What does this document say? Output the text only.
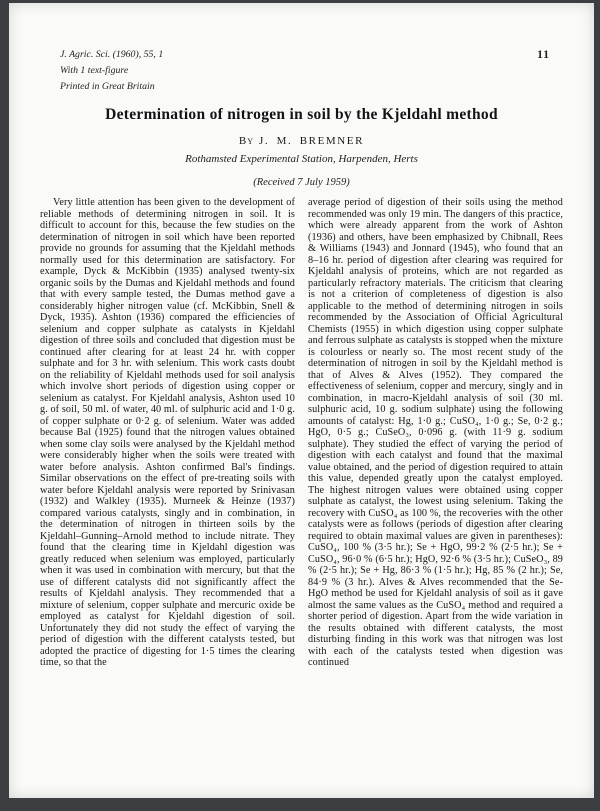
J. Agric. Sci. (1960), 55, 1
With 1 text-figure
Printed in Great Britain
11
Determination of nitrogen in soil by the Kjeldahl method
By J. M. BREMNER
Rothamsted Experimental Station, Harpenden, Herts
(Received 7 July 1959)
Very little attention has been given to the development of reliable methods of determining nitrogen in soil. It is difficult to account for this, because the few studies on the determination of nitrogen in soil which have been reported provide no grounds for assuming that the Kjeldahl methods normally used for this determination are satisfactory. For example, Dyck & McKibbin (1935) analysed twenty-six organic soils by the Dumas and Kjeldahl methods and found that with every sample tested, the Dumas method gave a considerably higher nitrogen value (cf. McKibbin, Snell & Dyck, 1935). Ashton (1936) compared the efficiencies of selenium and copper sulphate as catalysts in Kjeldahl digestion of three soils and concluded that digestion must be continued after clearing for at least 24 hr. with copper sulphate and for 3 hr. with selenium. This work casts doubt on the reliability of Kjeldahl methods used for soil analysis which involve short periods of digestion using copper or selenium as catalyst. For Kjeldahl analysis, Ashton used 10 g. of soil, 50 ml. of water, 40 ml. of sulphuric acid and 1·0 g. of copper sulphate or 0·2 g. of selenium. Water was added because Bal (1925) found that the nitrogen values obtained when some clay soils were analysed by the Kjeldahl method were considerably higher when the soils were treated with water before analysis. Ashton confirmed Bal's findings. Similar observations on the effect of pre-treating soils with water before Kjeldahl analysis were reported by Srinivasan (1932) and Walkley (1935). Murneek & Heinze (1937) compared various catalysts, singly and in combination, in the determination of nitrogen in thirteen soils by the Kjeldahl–Gunning–Arnold method to include nitrate. They found that the clearing time in Kjeldahl digestion was greatly reduced when selenium was employed, particularly when it was used in combination with mercury, but that the use of different catalysts did not significantly affect the results of Kjeldahl analysis. They recommended that a mixture of selenium, copper sulphate and mercuric oxide be employed as catalyst for Kjeldahl digestion of soil. Unfortunately they did not study the effect of varying the period of digestion with the different catalysts tested, but adopted the practice of digesting for 1·5 times the clearing time, so that the
average period of digestion of their soils using the method recommended was only 19 min. The dangers of this practice, which were already apparent from the work of Ashton (1936) and others, have been emphasized by Chibnall, Rees & Williams (1943) and Jonnard (1945), who found that an 8–16 hr. period of digestion after clearing was required for Kjeldahl analysis of proteins, which are not regarded as particularly refractory materials. The criticism that clearing is not a criterion of completeness of digestion is also applicable to the method of determining nitrogen in soils recommended by the Association of Official Agricultural Chemists (1955) in which digestion using copper sulphate and ferrous sulphate as catalysts is stopped when the mixture is colourless or nearly so. The most recent study of the determination of nitrogen in soil by the Kjeldahl method is that of Alves & Alves (1952). They compared the effectiveness of selenium, copper and mercury, singly and in combination, in macro-Kjeldahl analysis of soil (30 ml. sulphuric acid, 10 g. sodium sulphate) using the following amounts of catalyst: Hg, 1·0 g.; CuSO₄, 1·0 g.; Se, 0·2 g.; HgO, 0·5 g.; CuSeO₃, 0·096 g. (with 11·9 g. sodium sulphate). They studied the effect of varying the period of digestion with each catalyst and found that the maximal value obtained, and the period of digestion required to attain this value, depended greatly upon the catalyst employed. The highest nitrogen values were obtained using copper sulphate as catalyst, the lowest using selenium. Taking the recovery with CuSO₄ as 100 %, the recoveries with the other catalysts were as follows (periods of digestion after clearing required to obtain maximal values are given in parentheses): CuSO₄, 100 % (3·5 hr.); Se + HgO, 99·2 % (2·5 hr.); Se + CuSO₄, 96·0 % (6·5 hr.); HgO, 92·6 % (3·5 hr.); CuSeO₃, 89 % (2·5 hr.); Se + Hg, 86·3 % (1·5 hr.); Hg, 85 % (2 hr.); Se, 84·9 % (3 hr.). Alves & Alves recommended that the Se-HgO method be used for Kjeldahl analysis of soil as it gave almost the same values as the CuSO₄ method and required a shorter period of digestion. Apart from the wide variation in the results obtained with different catalysts, the most disturbing finding in this work was that nitrogen was lost with each of the catalysts tested when digestion was continued
